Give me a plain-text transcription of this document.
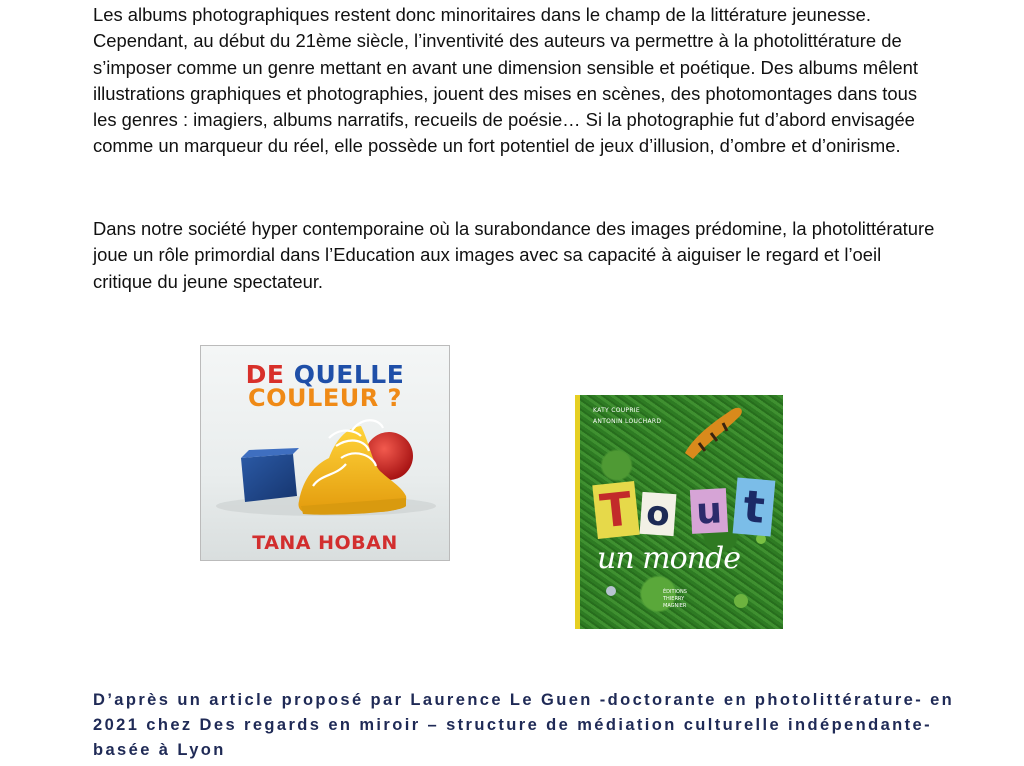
Les albums photographiques restent donc minoritaires dans le champ de la littérature jeunesse. Cependant, au début du 21ème siècle, l’inventivité des auteurs va permettre à la photolittérature de s’imposer comme un genre mettant en avant une dimension sensible et poétique. Des albums mêlent illustrations graphiques et photographies, jouent des mises en scènes, des photomontages dans tous les genres : imagiers, albums narratifs, recueils de poésie… Si la photographie fut d’abord envisagée comme un marqueur du réel, elle possède un fort potentiel de jeux d’illusion, d’ombre et d’onirisme.

Dans notre société hyper contemporaine où la surabondance des images prédomine, la photolittérature joue un rôle primordial dans l’Education aux images avec sa capacité à aiguiser le regard et l’oeil critique du jeune spectateur.

DE QUELLE
COULEUR ?
TANA HOBAN
KATY COUPRIE
ANTONIN LOUCHARD
T o u t
un monde
ÉDITIONS
THIERRY
MAGNIER

D’après un article proposé par Laurence Le Guen -doctorante en photolittérature- en 2021 chez Des regards en miroir – structure de médiation culturelle indépendante- basée à Lyon
